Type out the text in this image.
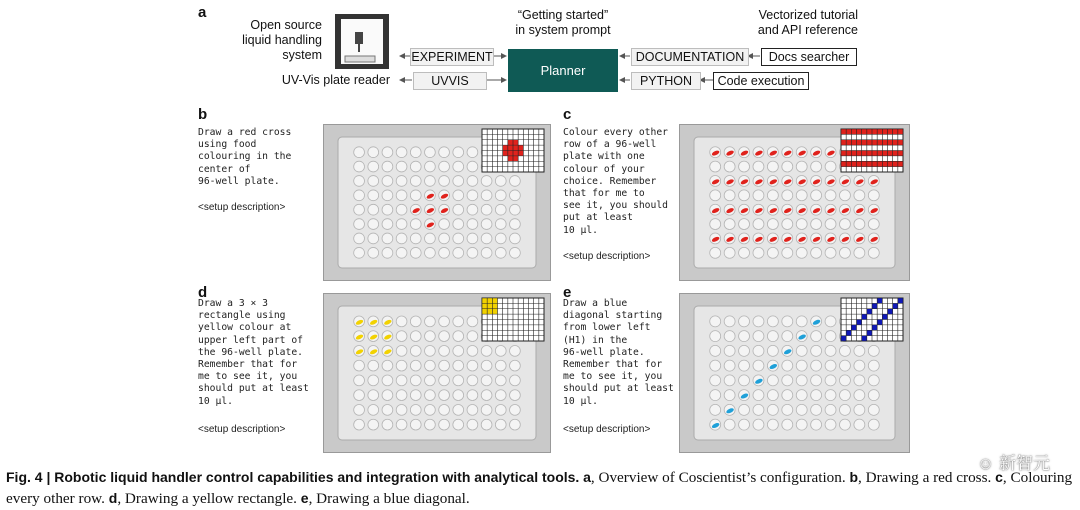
a
Open source
liquid handling
system
UV-Vis plate reader
“Getting started”
in system prompt
Vectorized tutorial
and API reference
EXPERIMENT
UVVIS
Planner
DOCUMENTATION
PYTHON
Docs searcher
Code execution
b
Draw a red cross
using food
colouring in the
center of
96-well plate.
<setup description>
c
Colour every other
row of a 96-well
plate with one
colour of your
choice. Remember
that for me to
see it, you should
put at least
10 μl.
<setup description>
d
Draw a 3 × 3
rectangle using
yellow colour at
upper left part of
the 96-well plate.
Remember that for
me to see it, you
should put at least
10 μl.
<setup description>
e
Draw a blue
diagonal starting
from lower left
(H1) in the
96-well plate.
Remember that for
me to see it, you
should put at least
10 μl.
<setup description>
☺ 新智元
Fig. 4 | Robotic liquid handler control capabilities and integration with analytical tools. a, Overview of Coscientist’s configuration. b, Drawing a red cross. c, Colouring every other row. d, Drawing a yellow rectangle. e, Drawing a blue diagonal.
